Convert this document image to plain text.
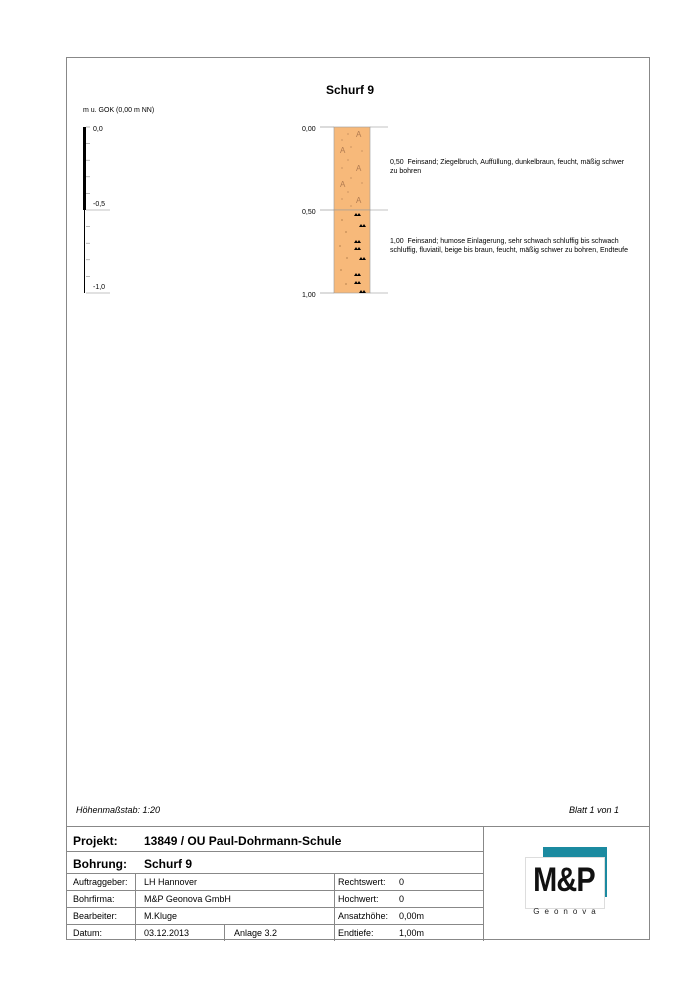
Schurf 9
m u. GOK (0,00 m NN)
A
A
A
A
A
0,0
-0,5
-1,0
0,00
0,50
1,00
0,50 Feinsand; Ziegelbruch, Auffüllung, dunkelbraun, feucht, mäßig schwer zu bohren
1,00 Feinsand; humose Einlagerung, sehr schwach schluffig bis schwach schluffig, fluviatil, beige bis braun, feucht, mäßig schwer zu bohren, Endteufe
Höhenmaßstab: 1:20	Blatt 1 von 1
Projekt: 13849 / OU Paul-Dohrmann-Schule
Bohrung: Schurf 9
Auftraggeber: LH Hannover	Rechtswert: 0
Bohrfirma:	M&P Geonova GmbH	Hochwert: 0
Bearbeiter:	M.Kluge	Ansatzhöhe: 0,00m
Datum:	03.12.2013	Anlage 3.2	Endtiefe:	1,00m
M&P
Geonova
